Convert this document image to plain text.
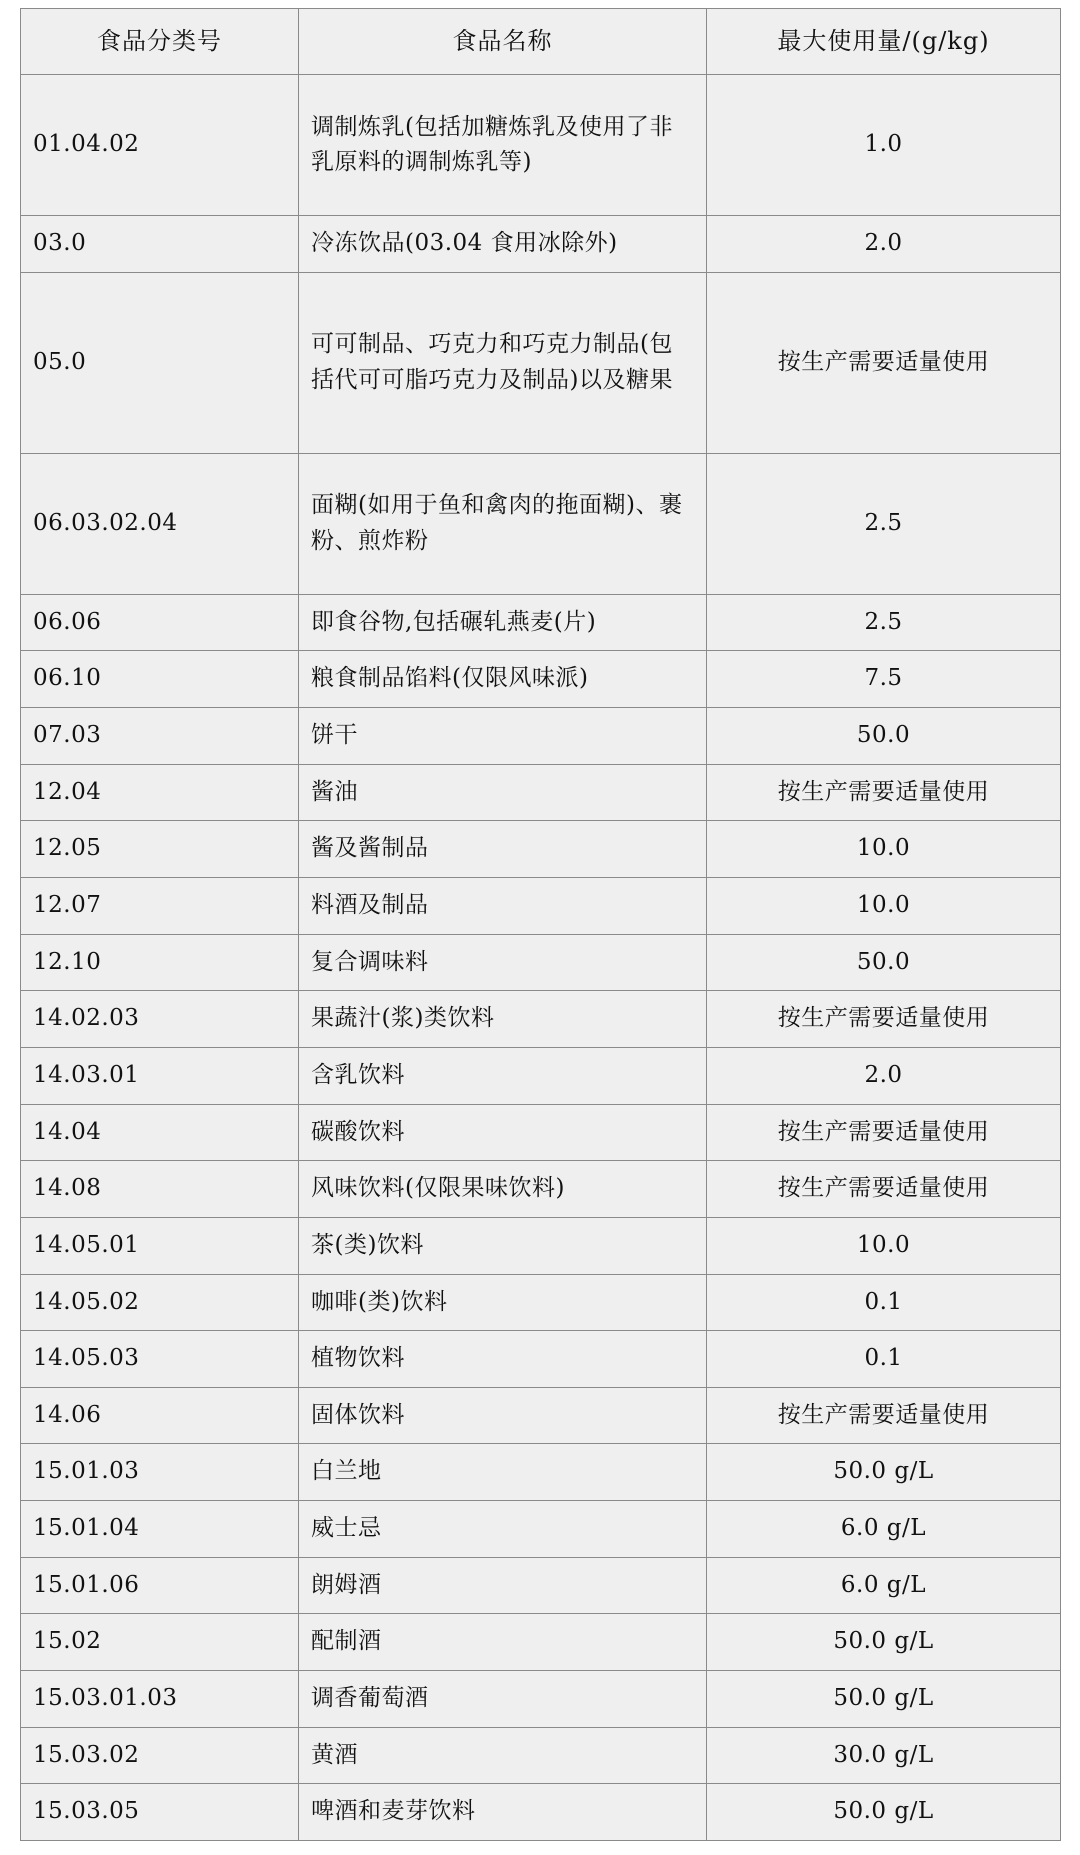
食品分类号	食品名称	最大使用量/(g/kg)
01.04.02	调制炼乳(包括加糖炼乳及使用了非乳原料的调制炼乳等)	1.0
03.0	冷冻饮品(03.04 食用冰除外)	2.0
05.0	可可制品、巧克力和巧克力制品(包括代可可脂巧克力及制品)以及糖果	按生产需要适量使用
06.03.02.04	面糊(如用于鱼和禽肉的拖面糊)、裹粉、煎炸粉	2.5
06.06	即食谷物,包括碾轧燕麦(片)	2.5
06.10	粮食制品馅料(仅限风味派)	7.5
07.03	饼干	50.0
12.04	酱油	按生产需要适量使用
12.05	酱及酱制品	10.0
12.07	料酒及制品	10.0
12.10	复合调味料	50.0
14.02.03	果蔬汁(浆)类饮料	按生产需要适量使用
14.03.01	含乳饮料	2.0
14.04	碳酸饮料	按生产需要适量使用
14.08	风味饮料(仅限果味饮料)	按生产需要适量使用
14.05.01	茶(类)饮料	10.0
14.05.02	咖啡(类)饮料	0.1
14.05.03	植物饮料	0.1
14.06	固体饮料	按生产需要适量使用
15.01.03	白兰地	50.0 g/L
15.01.04	威士忌	6.0 g/L
15.01.06	朗姆酒	6.0 g/L
15.02	配制酒	50.0 g/L
15.03.01.03	调香葡萄酒	50.0 g/L
15.03.02	黄酒	30.0 g/L
15.03.05	啤酒和麦芽饮料	50.0 g/L
